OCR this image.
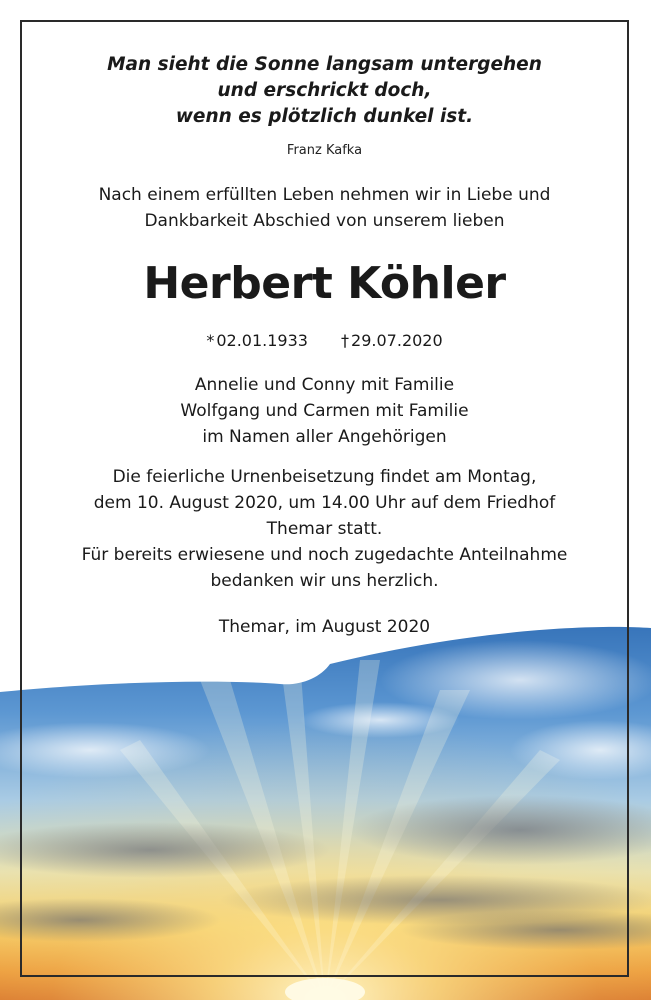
Man sieht die Sonne langsam untergehen
und erschrickt doch,
wenn es plötzlich dunkel ist.
Franz Kafka
Nach einem erfüllten Leben nehmen wir in Liebe und
Dankbarkeit Abschied von unserem lieben
Herbert Köhler
* 02.01.1933 † 29.07.2020
Annelie und Conny mit Familie
Wolfgang und Carmen mit Familie
im Namen aller Angehörigen
Die feierliche Urnenbeisetzung findet am Montag,
dem 10. August 2020, um 14.00 Uhr auf dem Friedhof
Themar statt.
Für bereits erwiesene und noch zugedachte Anteilnahme
bedanken wir uns herzlich.
Themar, im August 2020
